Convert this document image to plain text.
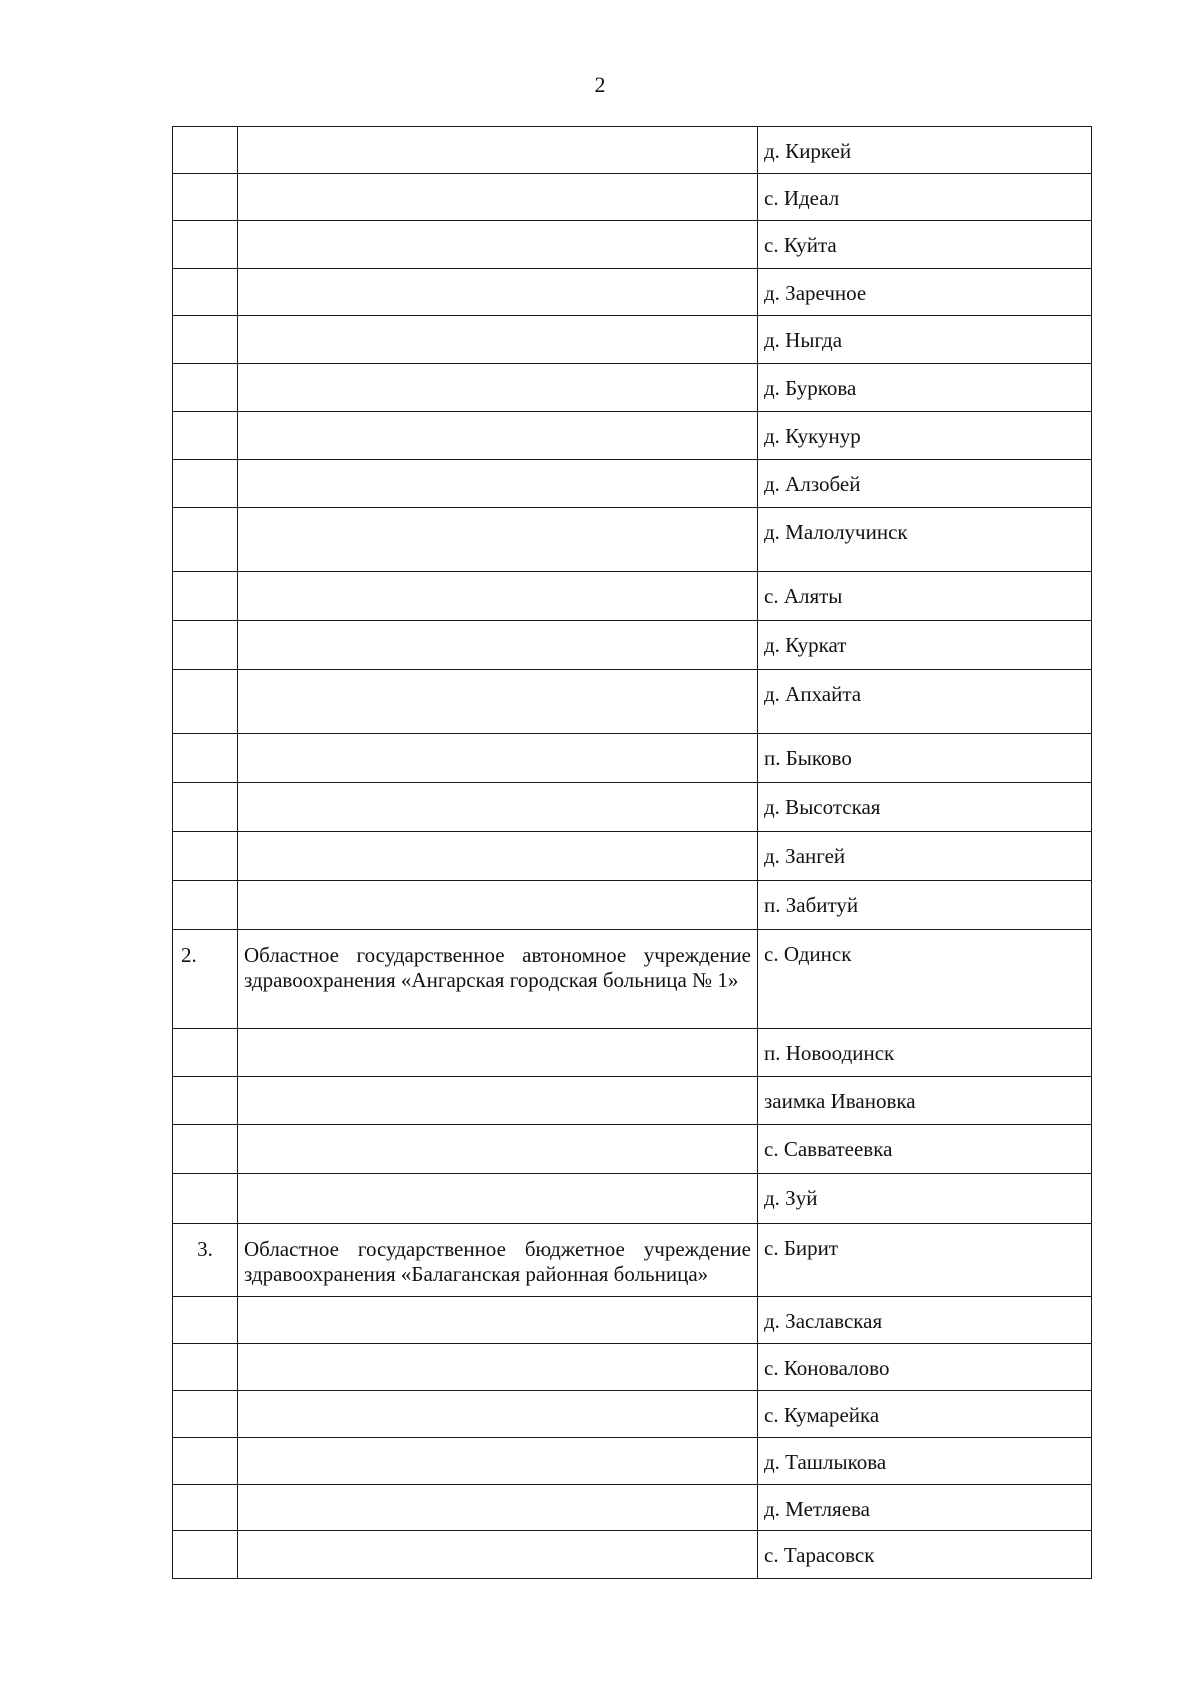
2
		д. Киркей
		с. Идеал
		с. Куйта
		д. Заречное
		д. Ныгда
		д. Буркова
		д. Кукунур
		д. Алзобей
		д. Малолучинск
		с. Аляты
		д. Куркат
		д. Апхайта
		п. Быково
		д. Высотская
		д. Зангей
		п. Забитуй
2.	Областное государственное автономное учреждение здравоохранения «Ангарская городская больница № 1»	с. Одинск
		п. Новоодинск
		заимка Ивановка
		с. Савватеевка
		д. Зуй
3.	Областное государственное бюджетное учреждение здравоохранения «Балаганская районная больница»	с. Бирит
		д. Заславская
		с. Коноваловo
		с. Кумарейка
		д. Ташлыкова
		д. Метляева
		с. Тарасовск
